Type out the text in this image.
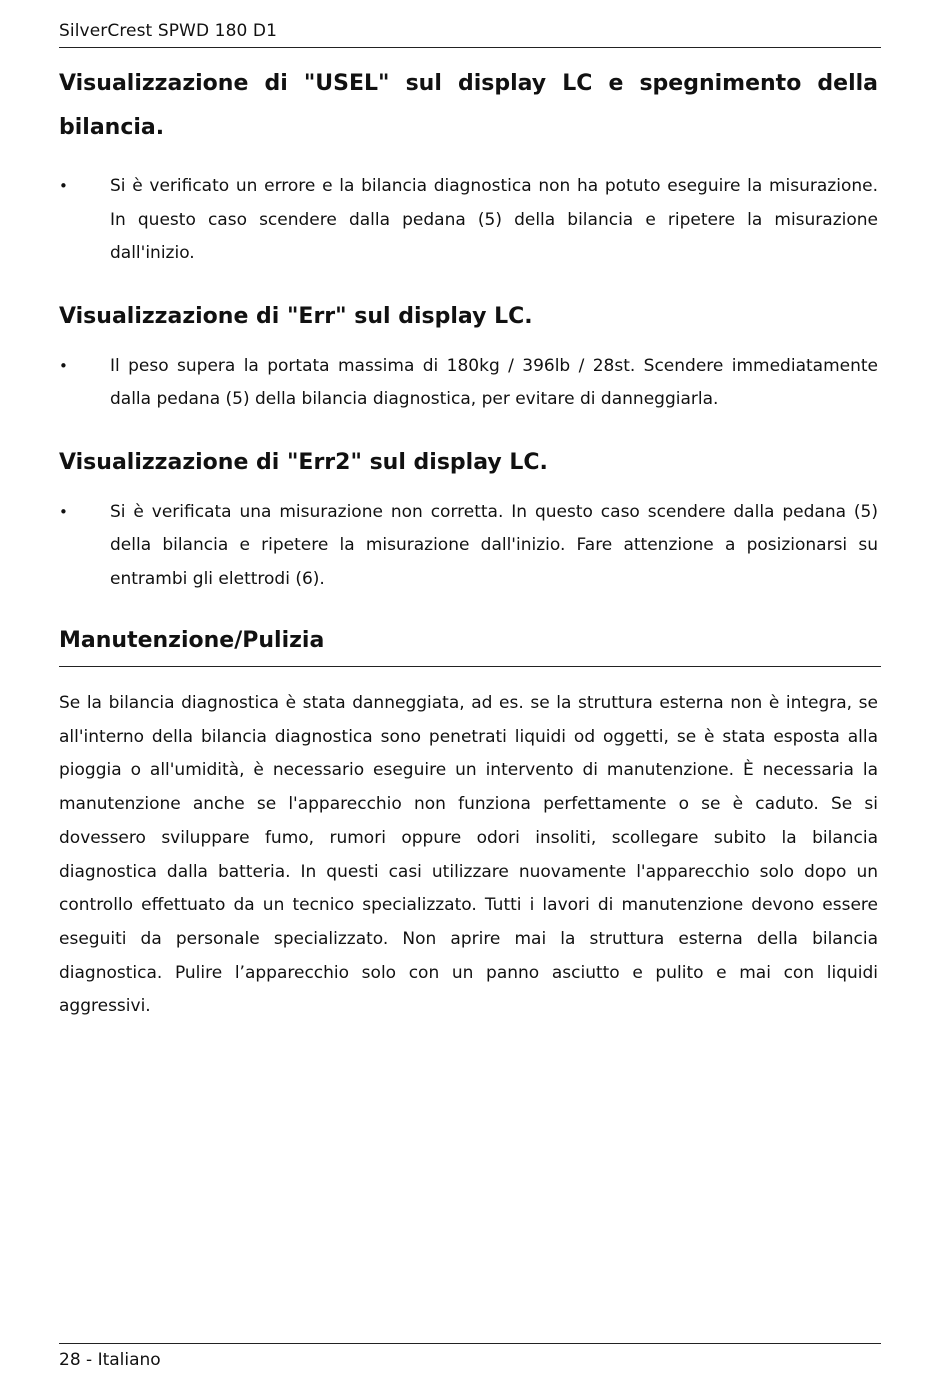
SilverCrest SPWD 180 D1
Visualizzazione di "USEL" sul display LC e spegnimento della bilancia.
• Si è verificato un errore e la bilancia diagnostica non ha potuto eseguire la misurazione. In questo caso scendere dalla pedana (5) della bilancia e ripetere la misurazione dall'inizio.
Visualizzazione di "Err" sul display LC.
• Il peso supera la portata massima di 180kg / 396lb / 28st. Scendere immediatamente dalla pedana (5) della bilancia diagnostica, per evitare di danneggiarla.
Visualizzazione di "Err2" sul display LC.
• Si è verificata una misurazione non corretta. In questo caso scendere dalla pedana (5) della bilancia e ripetere la misurazione dall'inizio. Fare attenzione a posizionarsi su entrambi gli elettrodi (6).
Manutenzione/Pulizia

Se la bilancia diagnostica è stata danneggiata, ad es. se la struttura esterna non è integra, se all'interno della bilancia diagnostica sono penetrati liquidi od oggetti, se è stata esposta alla pioggia o all'umidità, è necessario eseguire un intervento di manutenzione. È necessaria la manutenzione anche se l'apparecchio non funziona perfettamente o se è caduto. Se si dovessero sviluppare fumo, rumori oppure odori insoliti, scollegare subito la bilancia diagnostica dalla batteria. In questi casi utilizzare nuovamente l'apparecchio solo dopo un controllo effettuato da un tecnico specializzato. Tutti i lavori di manutenzione devono essere eseguiti da personale specializzato. Non aprire mai la struttura esterna della bilancia diagnostica. Pulire l’apparecchio solo con un panno asciutto e pulito e mai con liquidi aggressivi.

28 - Italiano
